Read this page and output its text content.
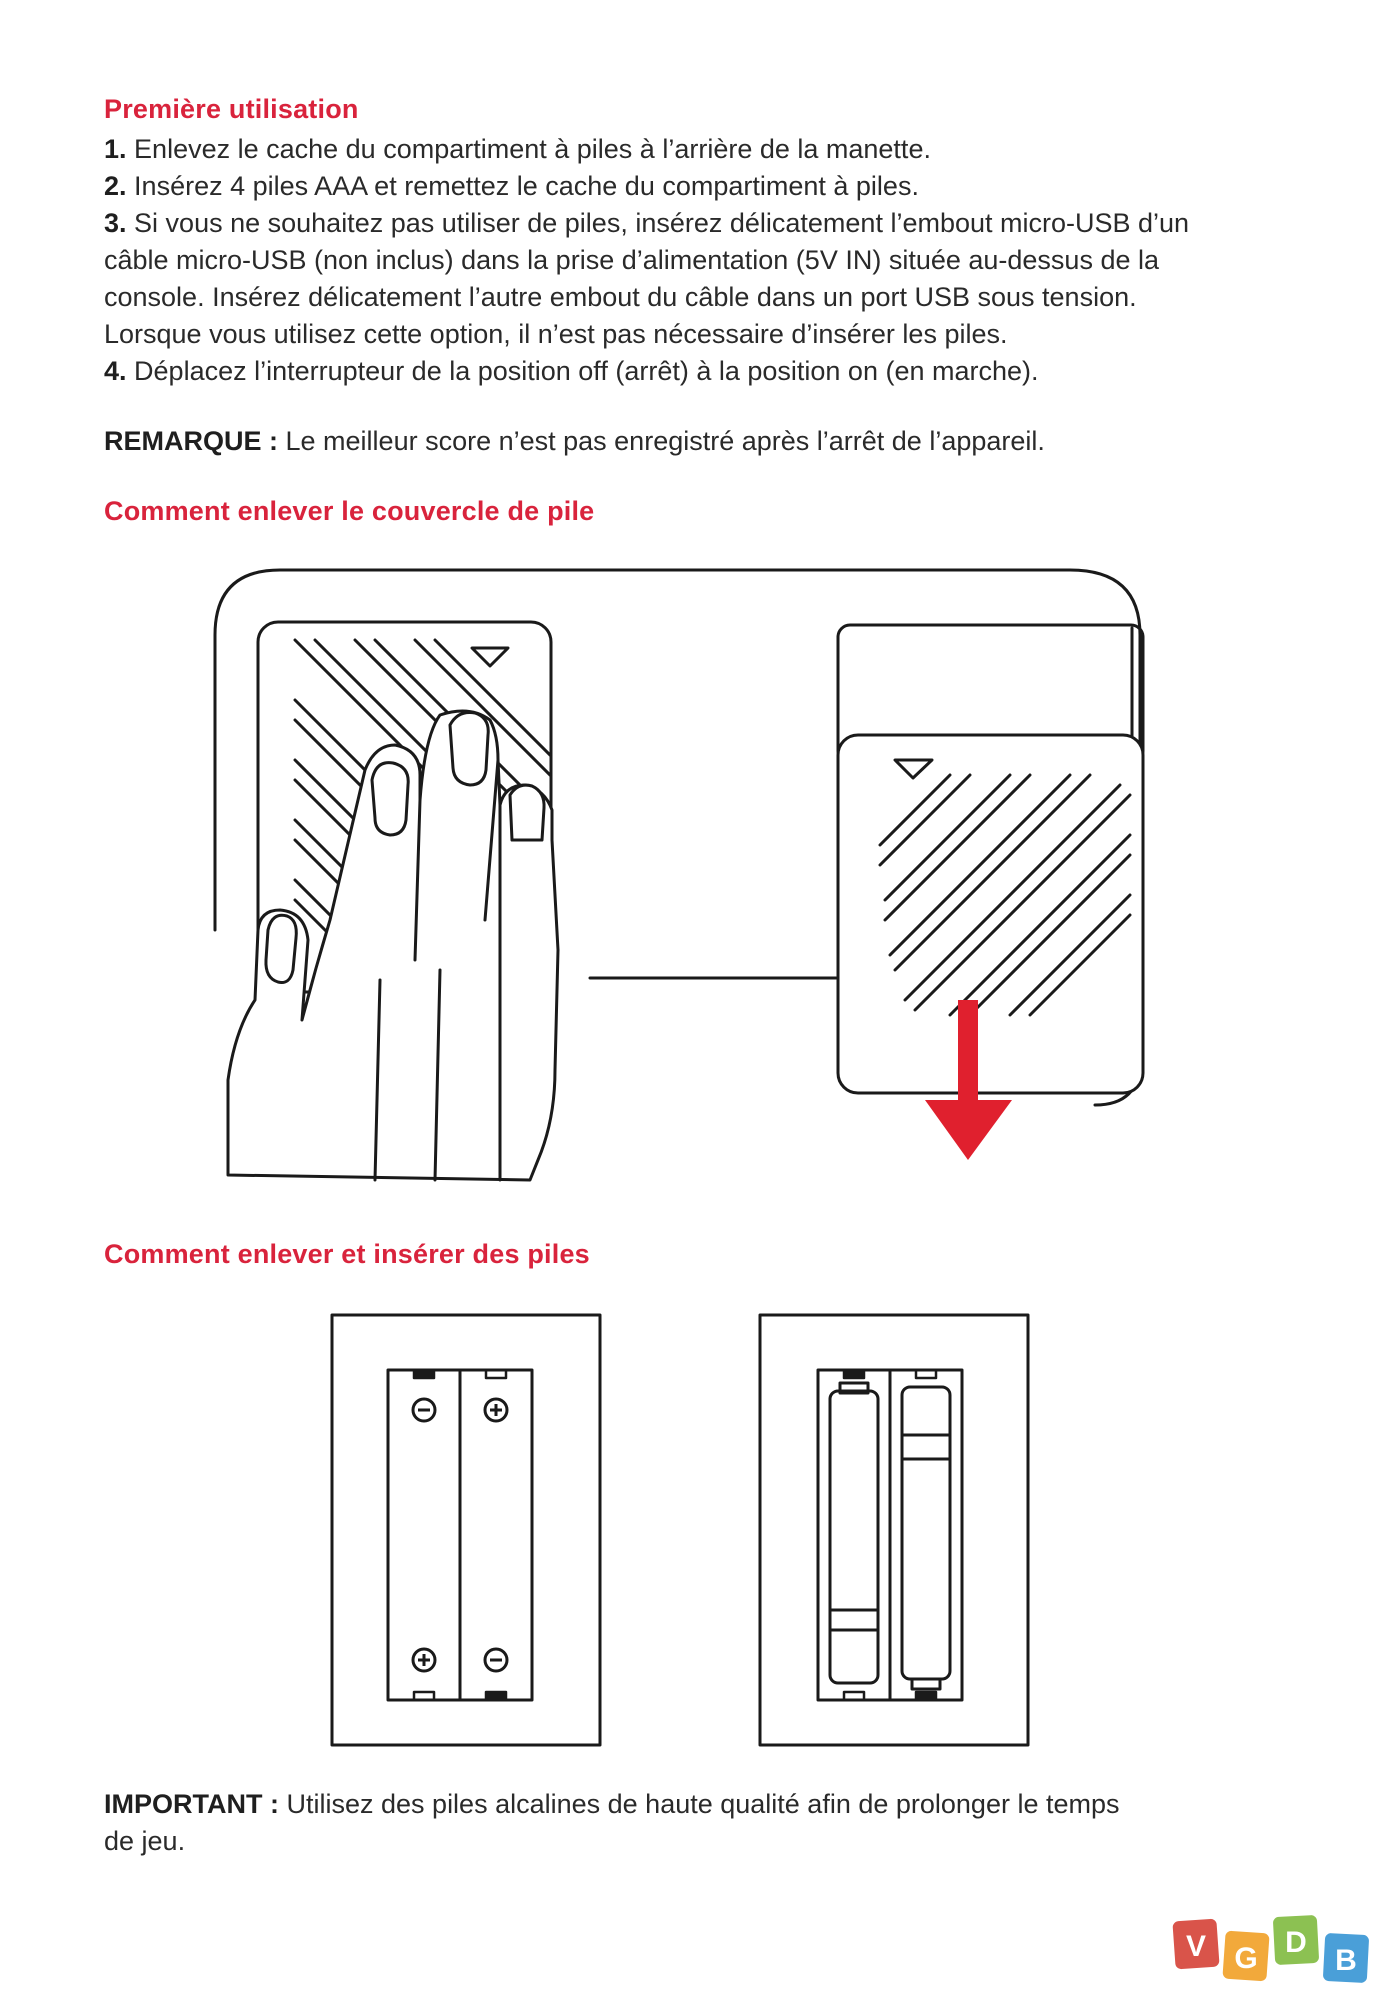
Première utilisation
1. Enlevez le cache du compartiment à piles à l’arrière de la manette.
2. Insérez 4 piles AAA et remettez le cache du compartiment à piles.
3. Si vous ne souhaitez pas utiliser de piles, insérez délicatement l’embout micro-USB d’un
câble micro-USB (non inclus) dans la prise d’alimentation (5V IN) située au-dessus de la
console. Insérez délicatement l’autre embout du câble dans un port USB sous tension.
Lorsque vous utilisez cette option, il n’est pas nécessaire d’insérer les piles.
4. Déplacez l’interrupteur de la position off (arrêt) à la position on (en marche).
REMARQUE : Le meilleur score n’est pas enregistré après l’arrêt de l’appareil.
Comment enlever le couvercle de pile
Comment enlever et insérer des piles
IMPORTANT : Utilisez des piles alcalines de haute qualité afin de prolonger le temps
de jeu.
V G D
B
